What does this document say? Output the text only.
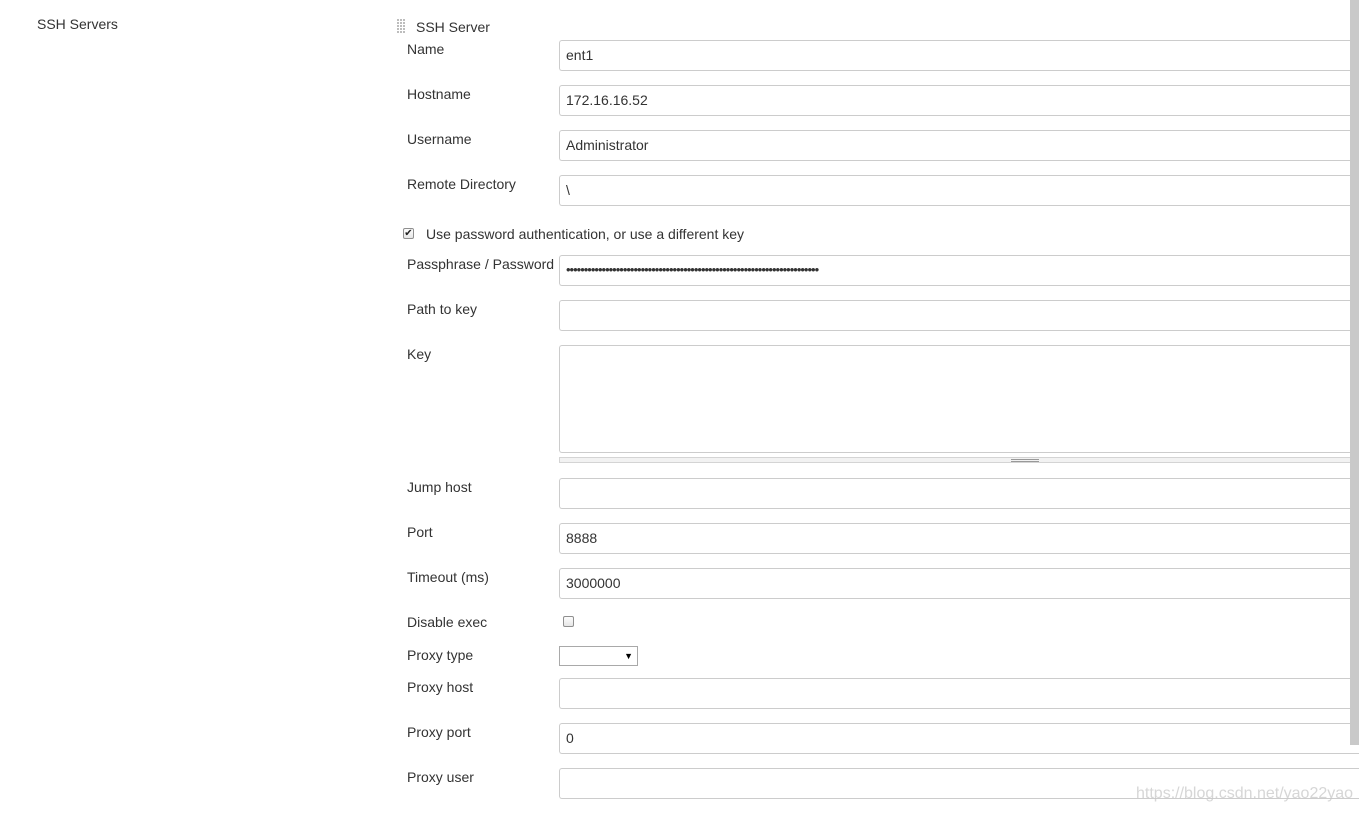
SSH Servers	SSH Server
Name	ent1
Hostname	172.16.16.52
Username	Administrator
Remote Directory	\
✔ Use password authentication, or use a different key
Passphrase / Password •••••••••••••••••••••••••••••••••••••••••••••••••••••••••••••••••••••••
Path to key
Key
Jump host
Port	8888
Timeout (ms)	3000000
Disable exec
Proxy type	▼
Proxy host
Proxy port	0
Proxy user
https://blog.csdn.net/yao22yao
